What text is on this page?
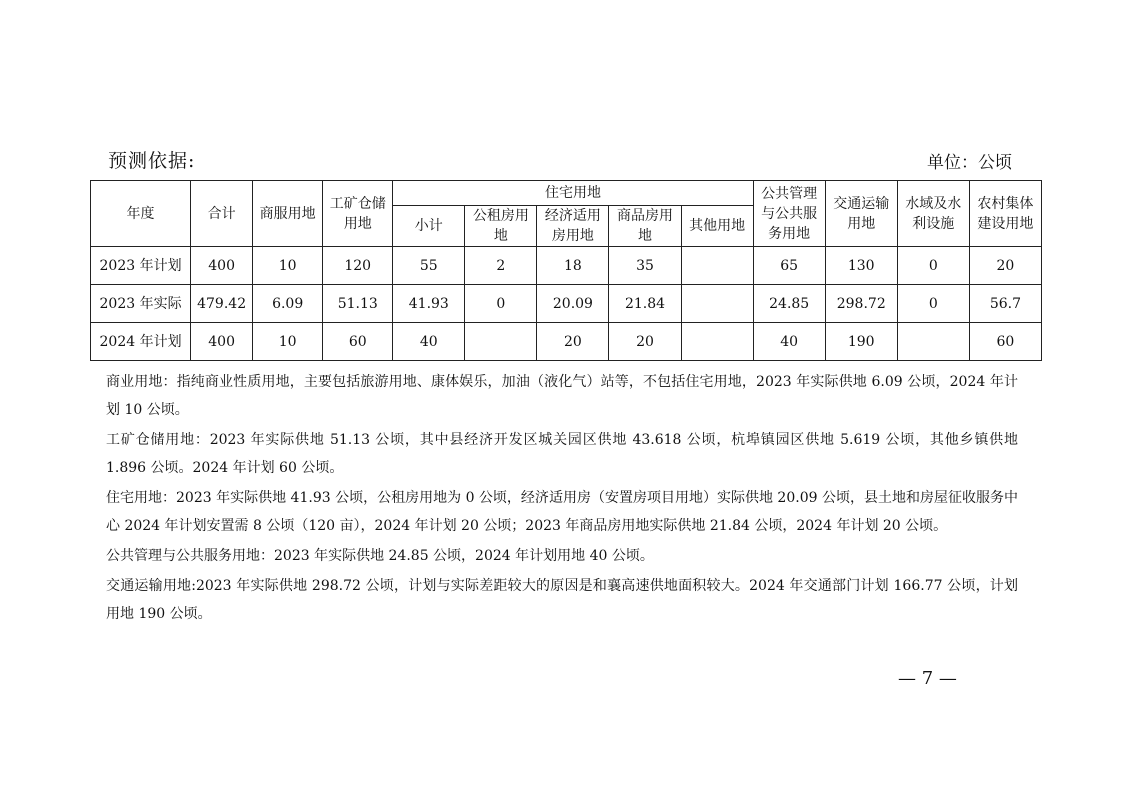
预测依据:	单位：公顷
年度	合计	商服用地	工矿仓储用地	住宅用地					公共管理与公共服务用地	交通运输用地	水域及水利设施	农村集体建设用地
				小计	公租房用地	经济适用房用地	商品房用地	其他用地				
2023 年计划	400	10	120	55	2	18	35		65	130	0	20
2023 年实际	479.42	6.09	51.13	41.93	0	20.09	21.84		24.85	298.72	0	56.7
2024 年计划	400	10	60	40		20	20		40	190		60

商业用地：指纯商业性质用地，主要包括旅游用地、康体娱乐，加油（液化气）站等，不包括住宅用地，2023 年实际供地 6.09 公顷，2024 年计划 10 公顷。

工矿仓储用地：2023 年实际供地 51.13 公顷，其中县经济开发区城关园区供地 43.618 公顷，杭埠镇园区供地 5.619 公顷，其他乡镇供地 1.896 公顷。2024 年计划 60 公顷。

住宅用地：2023 年实际供地 41.93 公顷，公租房用地为 0 公顷，经济适用房（安置房项目用地）实际供地 20.09 公顷，县土地和房屋征收服务中心 2024 年计划安置需 8 公顷（120 亩），2024 年计划 20 公顷；2023 年商品房用地实际供地 21.84 公顷，2024 年计划 20 公顷。

公共管理与公共服务用地：2023 年实际供地 24.85 公顷，2024 年计划用地 40 公顷。

交通运输用地:2023 年实际供地 298.72 公顷，计划与实际差距较大的原因是和襄高速供地面积较大。2024 年交通部门计划 166.77 公顷，计划用地 190 公顷。

— 7 —
